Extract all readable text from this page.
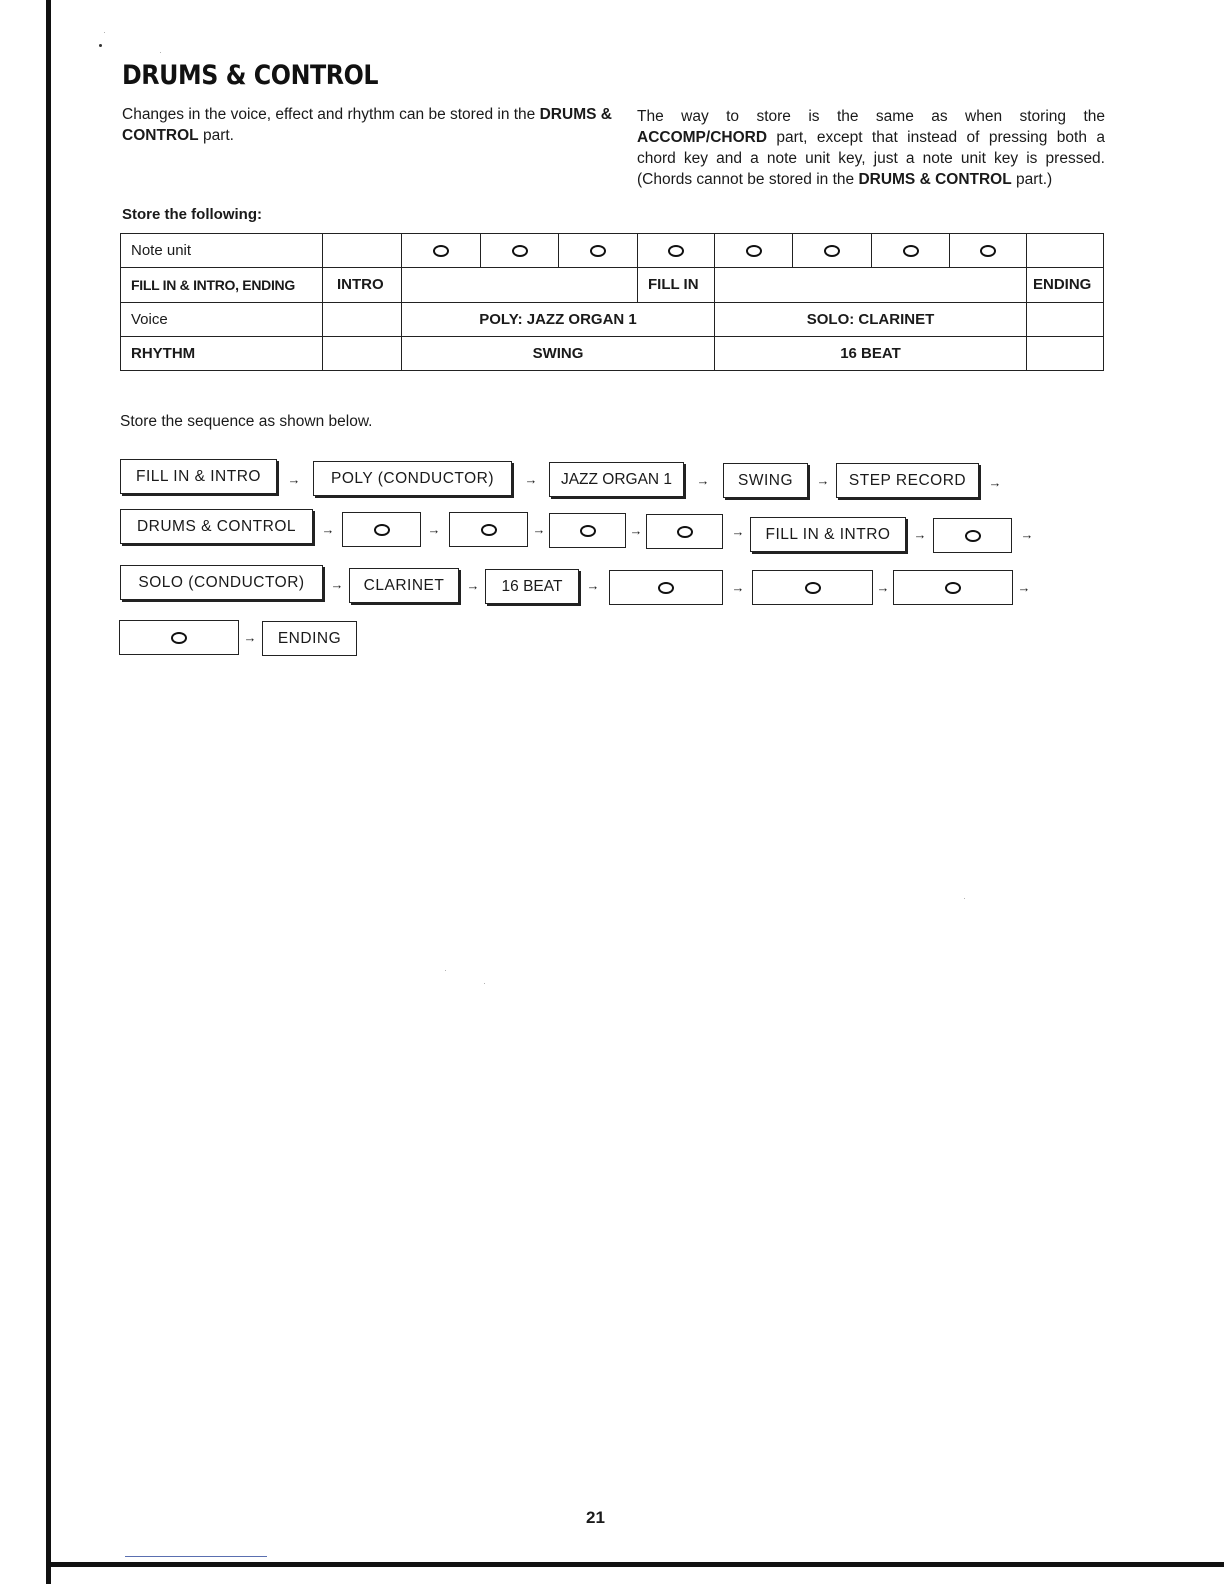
DRUMS & CONTROL
Changes in the voice, effect and rhythm can be stored in the DRUMS & CONTROL part.
The way to store is the same as when storing the ACCOMP/CHORD part, except that instead of pressing both a chord key and a note unit key, just a note unit key is pressed. (Chords cannot be stored in the DRUMS & CONTROL part.)
Store the following:
Note unit										
FILL IN & INTRO, ENDING	INTRO				FILL IN					ENDING
Voice		POLY: JAZZ ORGAN 1				SOLO: CLARINET				
RHYTHM		SWING				16 BEAT				
Store the sequence as shown below.
FILL IN & INTRO	→	POLY (CONDUCTOR)	→	JAZZ ORGAN 1	→	SWING	→	STEP RECORD	→
DRUMS & CONTROL	→	→	→	→	→	FILL IN & INTRO	→	→
SOLO (CONDUCTOR)	→	CLARINET	→	16 BEAT	→	→	→	→
→	ENDING
21
